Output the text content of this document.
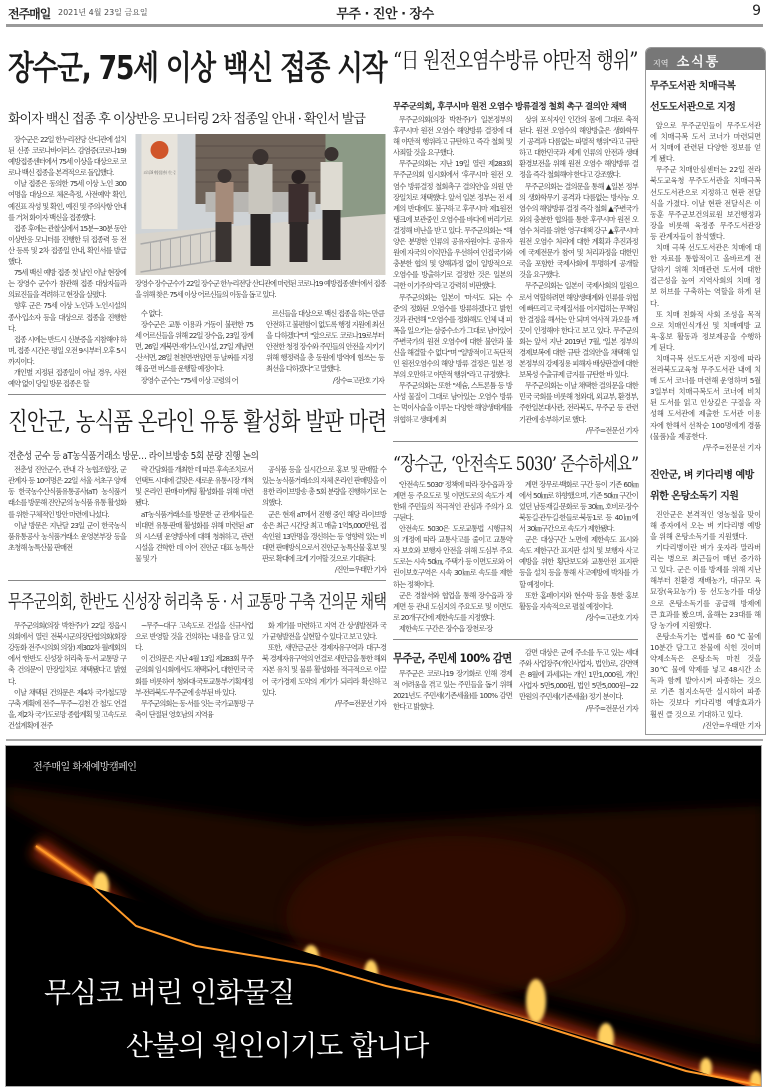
전주매일 2021년 4월 23일 금요일	무주 · 진안 · 장수	9
장수군, 75세 이상 백신 접종 시작
화이자 백신 접종 후 이상반응 모니터링 2차 접종일 안내 · 확인서 발급

장수군은 22일 한누리전당 산디관에 설치된 신종 코로나바이러스 감염증(코로나19) 예방접종센터에서 75세 이상을 대상으로 코로나 백신 접종을 본격적으로 돌입했다.

이날 접종은 동의한 75세 이상 노인 300여명을 대상으로 체온측정, 사전예약 확인, 예진표 작성 및 확인, 예진 및 주의사항 안내를 거쳐 화이자 백신을 접종했다.

접종 후에는 관찰실에서 15분~30분 동안 이상반응 모니터를 진행한 뒤 접종력 등 전산 등록 및 2차 접종일 안내, 확인서를 발급했다.

75세 백신 예방 접종 첫 날인 이날 현장에는 장영수 군수가 참관해 접종 대상자들과 의료진들을 격려하고 현장을 살폈다.

향후 군은 75세 이상 노인과 노인시설의 종사·입소자 등을 대상으로 접종을 진행한다.

접종 시에는 반드시 신분증을 지참해야 하며, 접종 시간은 평일 오전 9시부터 오후 5시까지이다.

개인별 지정된 접종일이 아닐 경우, 사전예약 없이 당일 방문 접종은 할

코로나19 예방접종센터 가는 길
장영수 장수군수가 22일 장수군 한누리전당 산디관에 마련된 코로나19 예방접종센터에서 접종을 위해 찾은 75세 이상 어르신들의 이동을 돕고 있다.

수 없다.

장수군은 교통 이용과 거동이 불편한 75세 어르신들을 위해 22일 장수읍, 23일 장계면, 26일 계북면·재가노인시설, 27일 계남면·산서면, 28일 천천면·번암면 등 날짜를 지정해 읍·면 버스를 운행할 예정이다.

장영수 군수는 "75세 이상 고령의 어

르신들을 대상으로 백신 접종을 하는 만큼 안전하고 불편함이 없도록 행정 지원에 최선을 다하겠다"며 "앞으로도 코로나19로부터 안전한 청정 장수와 주민들의 안전을 지키기 위해 행정력을 총 동원에 방역에 힘쓰는 등 최선을 다하겠다"고 말했다.

/장수=고관호 기자
진안군, 농식품 온라인 유통 활성화 발판 마련
전춘성 군수 등 aT농식품거래소 방문… 라이브방송 5회 분량 진행 논의

전춘성 진안군수, 관내 각 농협조합장, 군 관계자 등 10여명은 22일 서울 서초구 양재동 한국농수산식품유통공사(aT) 농식품거래소를 방문해 진안군의 농식품 유통 활성화를 위한 구체적인 방안 마련에 나섰다.

이날 방문은 지난달 23일 군이 한국농식품유통공사 농식품거래소 운영본부장 등을 초청해 농특산물 판매전

략 간담회를 개최한 데 따른 후속조치로서 언택트 시대에 걸맞은 새로운 유통시장 개척 및 온라인 판매·마케팅 활성화를 위해 마련됐다.

aT농식품거래소를 방문한 군 관계자들은 비대면 유통·판매 활성화를 위해 마련된 aT의 시스템 운영방식에 대해 청취하고, 관련 시설을 견학한 데 이어 진안군 대표 농특산물 및 가

공식품 등을 실시간으로 홍보 및 판매할 수 있는 농식품거래소의 자체 온라인 판매망을 이용한 라이브방송 총 5회 분량을 진행하기로 논의했다.

군은 현재 aT에서 진행 중인 해당 라이브방송은 최근 시간당 최고 매출 1억5,000만원, 접속인원 13만명을 갱신하는 등 영향력 있는 비대면 판매방식으로서 진안군 농특산물 홍보 및 판로 확대에 크게 기여할 것으로 기대된다.

/진안=우태만 기자
무주군의회, 한반도 신성장 허리축 동 · 서 교통망 구축 건의문 채택

무주군의회(의장 박찬주)가 22일 정읍시의회에서 열린 전북시군의장단협의회(회장 강동화 전주시의회 의장) 제302차 월례회의에서 '한반도 신성장 허리축 동·서 교통망 구축 건의문'이 만장일치로 채택됐다고 밝혔다.

이날 채택된 건의문은 제4차 국가철도망 구축 계획에 전주~무주~김천 간 철도 연결을, 제2차 국가도로망 종합계획 및 고속도로 건설계획에 전주

~무주~대구 고속도로 건설을 신규사업으로 반영할 것을 건의하는 내용을 담고 있다.

이 건의문은 지난 4월 13일 제283회 무주군의회 임시회에서도 채택되어, 대한민국 국회를 비롯하여 청와대·국토교통부·기획재정부·전라북도·무주군에 송부된 바 있다.

무주군의회는 동·서를 잇는 국가교통망 구축이 단절된 영호남의 지역융

화 계기를 마련하고 지역 간 상생발전과 국가 균형발전을 실현할 수 있다고 보고 있다.

또한, 새만금·군산 경제자유구역과 대구·경북 경제자유구역의 연결로 새만금을 통한 해외자본 유치 및 물류 활성화를 적극적으로 이끌어 국가경제 도약의 계기가 되리라 확신하고 있다.

/무주=전문선 기자
“日 원전오염수방류 야만적 행위”
무주군의회, 후쿠시마 원전 오염수 방류결정 철회 촉구 결의안 채택

무주군의회(의장 박찬주)가 일본정부의 후쿠시마 원전 오염수 해양방류 결정에 대해 야만적 행위라고 규탄하고 즉각 철회 및 사죄할 것을 요구했다.

무주군의회는 지난 19일 열린 제283회 무주군의회 임시회에서 '후쿠시마 원전 오염수 방류결정 철회촉구 결의안'을 의원 만장일치로 채택했다. 앞서 일본 정부는 전 세계의 반대에도 불구하고 후쿠시마 제1원전 탱크에 보관중인 오염수를 바다에 버리기로 결정해 비난을 받고 있다. 무주군의회는 "해양은 분명한 인류의 공유자원이다. 공유자원에 자국의 이익만을 우선하여 인접국가와 충분한 협의 및 양해과정 없이 일방적으로 오염수를 방출하기로 결정한 것은 일본의 극한 이기주의"라고 강력히 비판했다.

무주군의회는 일본이 '마셔도 되는 수준'의 정화된 오염수를 방류하겠다고 밝힌 것과 관련해 "오염수를 정화해도 인체 내 피폭을 일으키는 삼중수소가 그대로 남아있어 주변국가의 원전 오염수에 대한 불안과 불신을 해결할 수 없다"며 "일방적이고 독단적인 원전오염수의 해양 방류 결정은 일본 정부의 오만하고 야만적 행위"라고 규정했다.

무주군의회는 또한 "세슘, 스트론튬 등 방사성 물질이 그대로 남아있는 오염수 방류는 먹이사슬을 이루는 다양한 해양생태계를 위협하고 생태계 최

상위 포식자인 인간의 몸에 그대로 축적된다. 원전 오염수의 해양방출은 생화학무기 공격과 다름없는 파멸적 행위"라고 규탄하고 대한민국과 세계 인류의 안전과 생태환경보전을 위해 원전 오염수 해양방류 결정을 즉각 철회해야 한다고 강조했다.

무주군의회는 결의문을 통해 ▲일본 정부의 생화학무기 공격과 다름없는 방사능 오염수의 해양방류 결정 즉각 철회 ▲주변국가와의 충분한 협의를 통한 후쿠시마 원전 오염수 처리를 위한 영구대책 강구 ▲후쿠시마 원전 오염수 처리에 대한 계획과 추진과정에 국제전문가 참여 및 처리과정을 대한민국을 포함한 국제사회에 투명하게 공개할 것을 요구했다.

무주군의회는 일본이 국제사회의 일원으로서 역할하려면 해양생태계와 인류를 위협에 빠뜨리고 국제질서를 어지럽히는 무책임한 결정을 해서는 안 되며 역사적 과오를 깨끗이 인정해야 한다고 보고 있다. 무주군의회는 앞서 지난 2019년 7월, '일본 정부의 경제보복에 대한 규탄 결의안'을 채택해 일본정부의 강제징용 피해자 배상판결에 대한 보복성 수출규제 금지를 규탄한 바 있다.

무주군의회는 이날 채택한 결의문을 대한민국 국회를 비롯해 청와대, 외교부, 환경부, 주한일본대사관, 전라북도, 무주군 등 관련기관에 송부하기로 했다.

/무주=전문선 기자
“장수군, ‘안전속도 5030’ 준수하세요”

'안전속도 5030' 정책에 따라 장수읍과 장계면 등 주요도로 및 이면도로의 속도가 제한돼 주민들의 적극적인 관심과 주의가 요구된다.

안전속도 5030은 도로교통법 시행규칙의 개정에 따라 교통사고를 줄이고 교통약자 보호와 보행자 안전을 위해 도심부 주요도로는 시속 50㎞, 주택가 등 이면도로와 어린이보호구역은 시속 30㎞로 속도를 제한하는 정책이다.

군은 경찰서와 협업을 통해 장수읍과 장계면 등 관내 도심지의 주요도로 및 이면도로 20개구간에 제한속도를 지정했다.

제한속도 구간은 장수읍 장천로·장

계면 장무로·백화로 구간 등이 기존 60㎞에서 50㎞로 하향했으며, 기존 50㎞ 구간이었던 남동재길·문화로 등 30㎞, 호비로·장수북동길·관두길·한들로·북동1로 등 40㎞에서 30㎞구간으로 속도가 제한됐다.

군은 대상구간 노면에 제한속도 표시와 속도 제한구간 표지판 설치 및 보행자 사고예방을 위한 횡단보도와 교통안전 표지판 등을 설치 등을 통해 사고예방에 박차를 가할 예정이다.

또한 홈페이지와 현수막 등을 통한 홍보활동을 지속적으로 펼칠 예정이다.

/장수=고관호 기자
무주군, 주민세 100% 감면

무주군은 코로나19 장기화로 인해 경제적 어려움을 겪고 있는 주민들을 돕기 위해 2021년도 주민세(기존세율)를 100% 감면한다고 밝혔다.

감면 대상은 군에 주소를 두고 있는 세대주와 사업장주(개인사업자, 법인)로, 감면액은 8월에 과세되는 개인 1만1,000원, 개인사업자 5만5,000원, 법인 5만5,000원~22만원의 주민세(기존세율) 정기 분이다.

/무주=전문선 기자
지역 소식통
무주도서관 치매극복
선도도서관으로 지정

앞으로 무주군민들이 무주도서관에 치매극복 도서 코너가 마련되면서 치매에 관련된 다양한 정보를 얻게 됐다.

무주군 치매안심센터는 22일 전라북도교육청 무주도서관을 치매극복 선도도서관으로 지정하고 현판 전달식을 가졌다. 이날 현판 전달식은 이동훈 무주군보건의료원 보건행정과장을 비롯해 육정종 무주도서관장 등 관계자들이 참석했다.

치매 극복 선도도서관은 치매에 대한 자료를 통합적이고 올바르게 전달하기 위해 치매관련 도서에 대한 접근성을 높여 지역사회의 치매 정보 허브를 구축하는 역할을 하게 된다.

또 치매 친화적 사회 조성을 목적으로 치매인식개선 및 치매예방 교육·홍보 활동과 정보제공을 수행하게 된다.

치매극복 선도도서관 지정에 따라 전라북도교육청 무주도서관 내에 치매 도서 코너를 마련해 운영하며 5월 3일부터 치매극복도서 코너에 비치된 도서를 읽고 인상깊은 구절을 작성해 도서관에 제출한 도서관 이용자에 한해서 선착순 100명에게 경품(물품)을 제공한다.

/무주=전문선 기자
진안군, 벼 키다리병 예방
위한 온탕소독기 지원

진안군은 본격적인 영농철을 맞이해 종자에서 오는 벼 키다리병 예방을 위해 온탕소독기를 지원했다.

키다리병이란 벼가 웃자라 말라버리는 병으로 최근들어 매년 증가하고 있다. 군은 이를 방제를 위해 지난해부터 친환경 재배농가, 대규모 육묘장(육묘농가) 등 선도농가를 대상으로 온탕소독기를 공급해 방제에 큰 효과를 봤으며, 올해는 23대를 해당 농가에 지원했다.

온탕소독기는 볍씨를 60℃물에 10분간 담그고 찬물에 식힌 것이며 약제소독은 온탕소독 마친 것을 30℃ 물에 약제를 넣고 48시간 소독과 함께 발아시켜 파종하는 것으로 기존 침지소독만 실시하여 파종하는 것보다 키다리병 예방효과가 훨씬 클 것으로 기대하고 있다.

/진안=우태만 기자
전주매일 화재예방캠페인
무심코 버린 인화물질
산불의 원인이기도 합니다
